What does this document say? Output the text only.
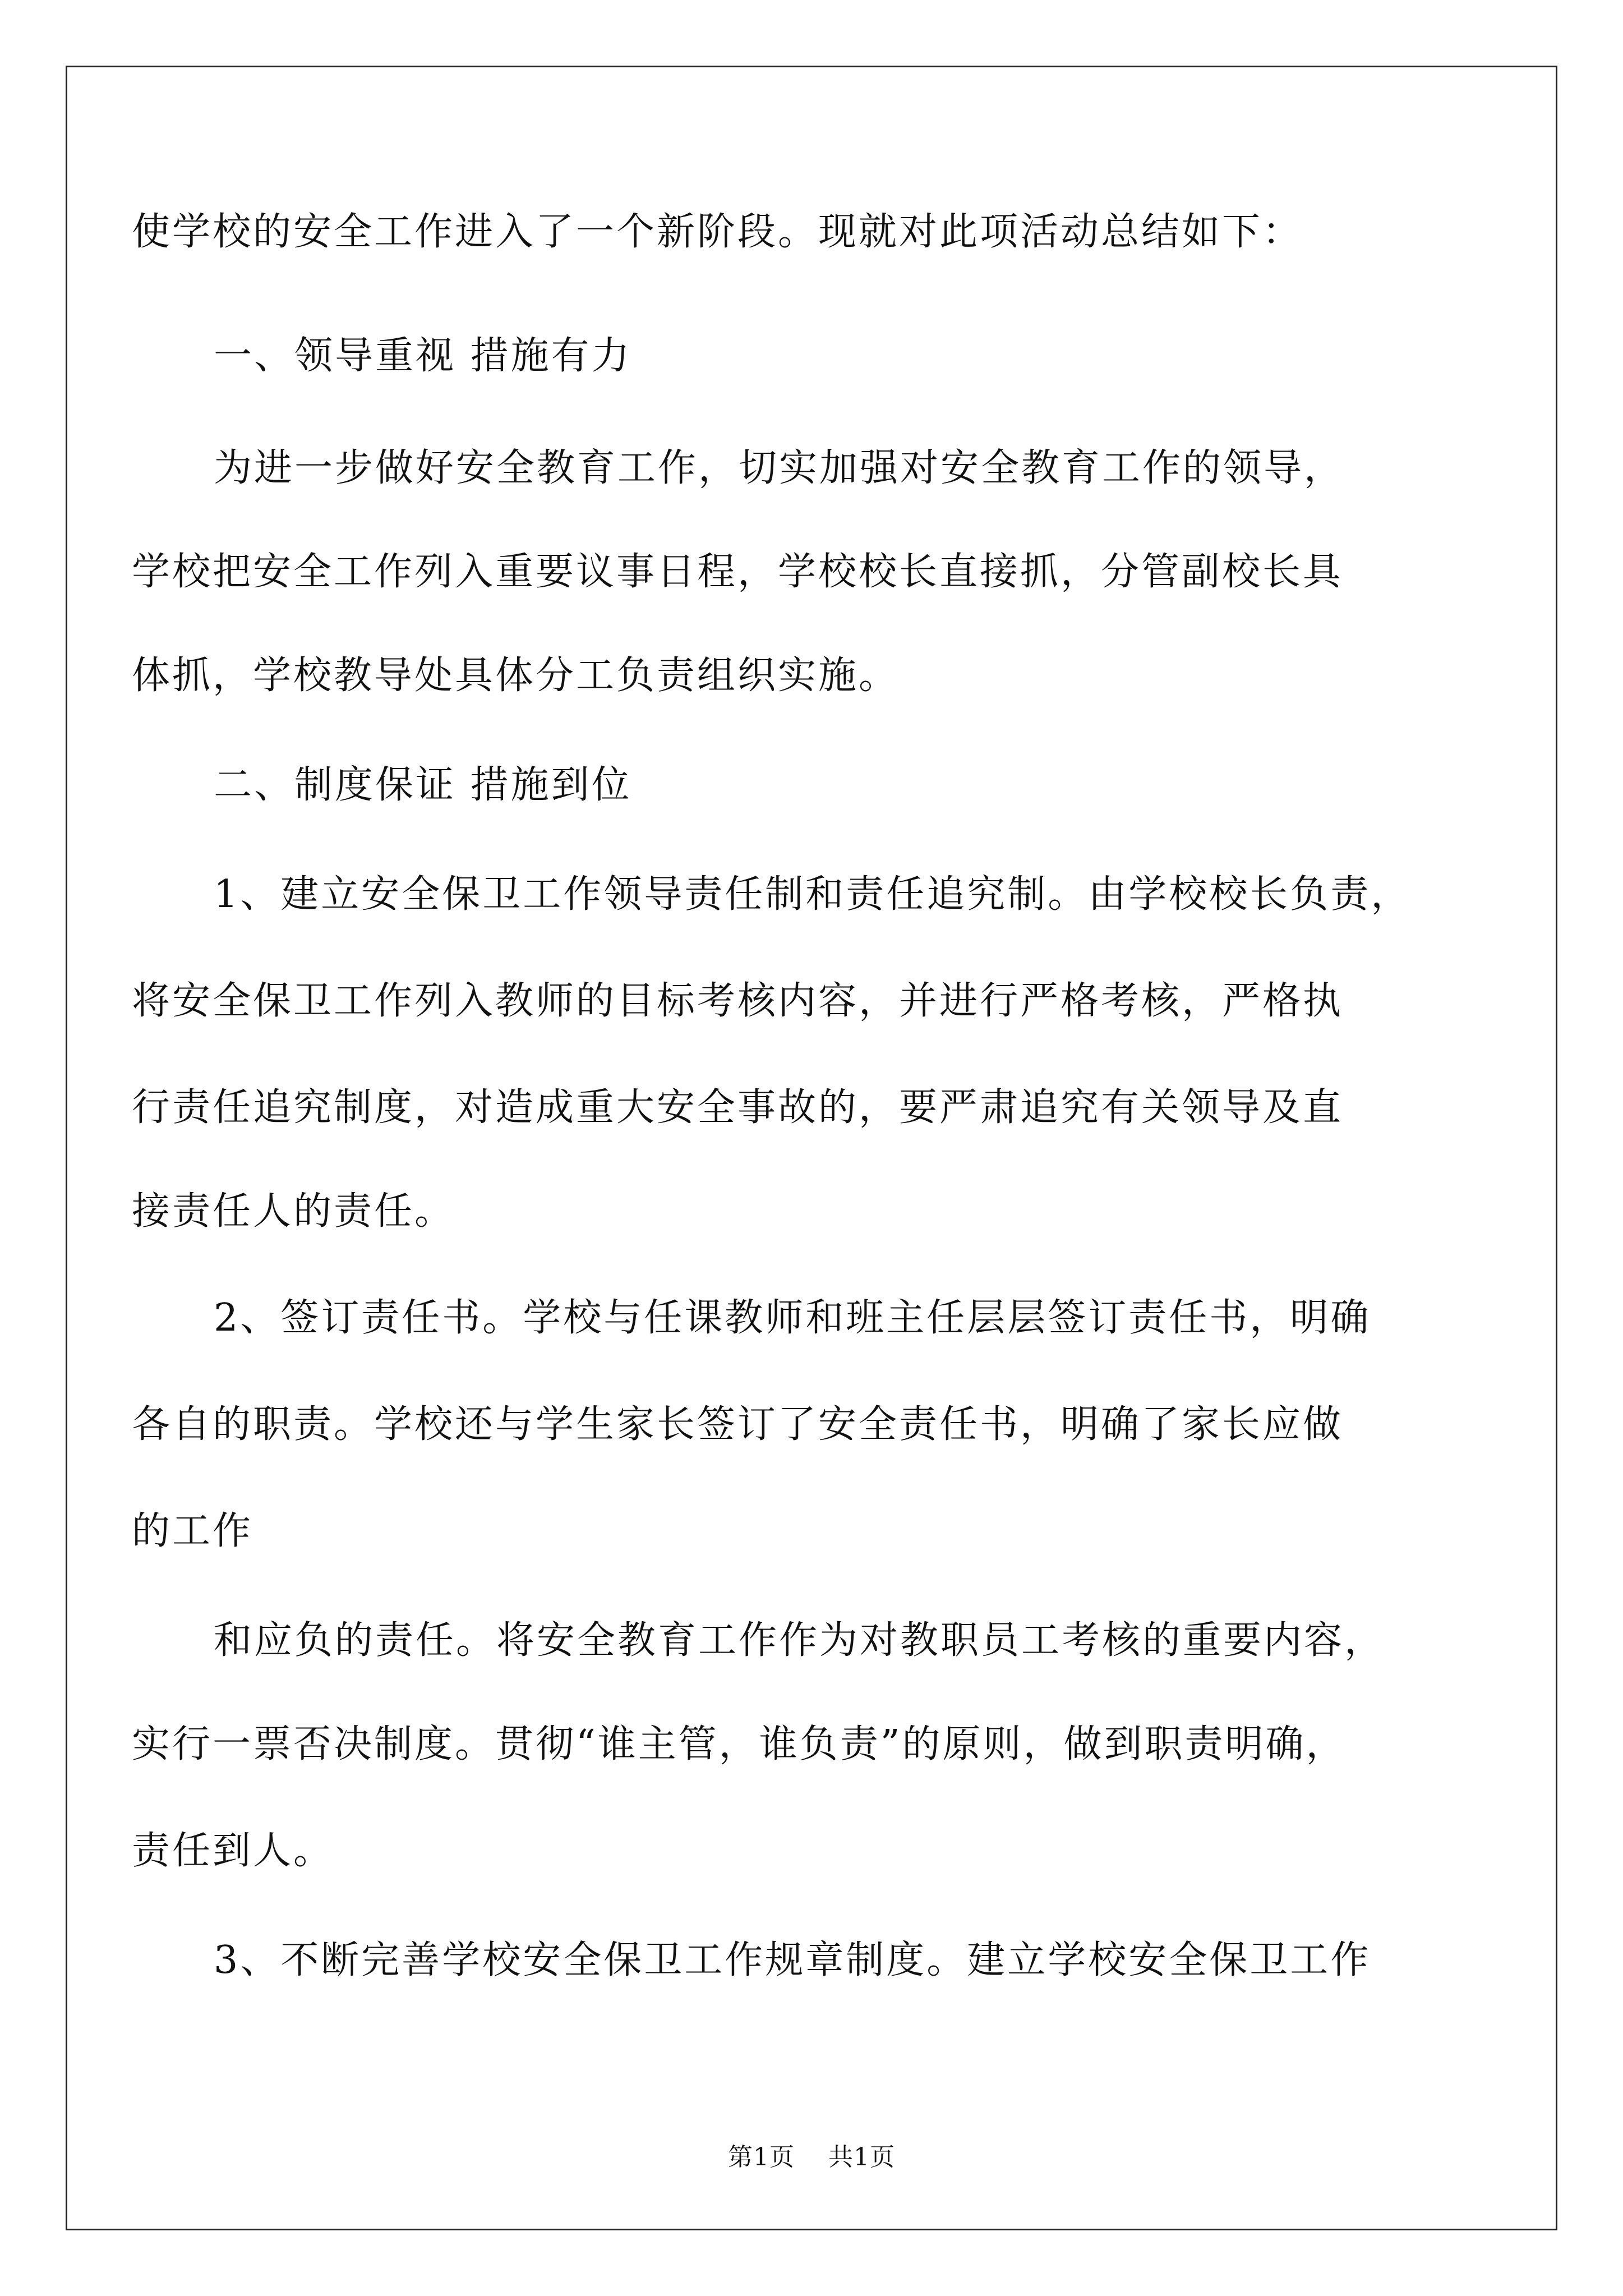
使学校的安全工作进入了一个新阶段。现就对此项活动总结如下：
一、领导重视 措施有力
为进一步做好安全教育工作，切实加强对安全教育工作的领导，
学校把安全工作列入重要议事日程，学校校长直接抓，分管副校长具
体抓，学校教导处具体分工负责组织实施。
二、制度保证 措施到位
1、建立安全保卫工作领导责任制和责任追究制。由学校校长负责，
将安全保卫工作列入教师的目标考核内容，并进行严格考核，严格执
行责任追究制度，对造成重大安全事故的，要严肃追究有关领导及直
接责任人的责任。
2、签订责任书。学校与任课教师和班主任层层签订责任书，明确
各自的职责。学校还与学生家长签订了安全责任书，明确了家长应做
的工作
和应负的责任。将安全教育工作作为对教职员工考核的重要内容，
实行一票否决制度。贯彻“谁主管，谁负责”的原则，做到职责明确，
责任到人。
3、不断完善学校安全保卫工作规章制度。建立学校安全保卫工作
第1页 共1页
